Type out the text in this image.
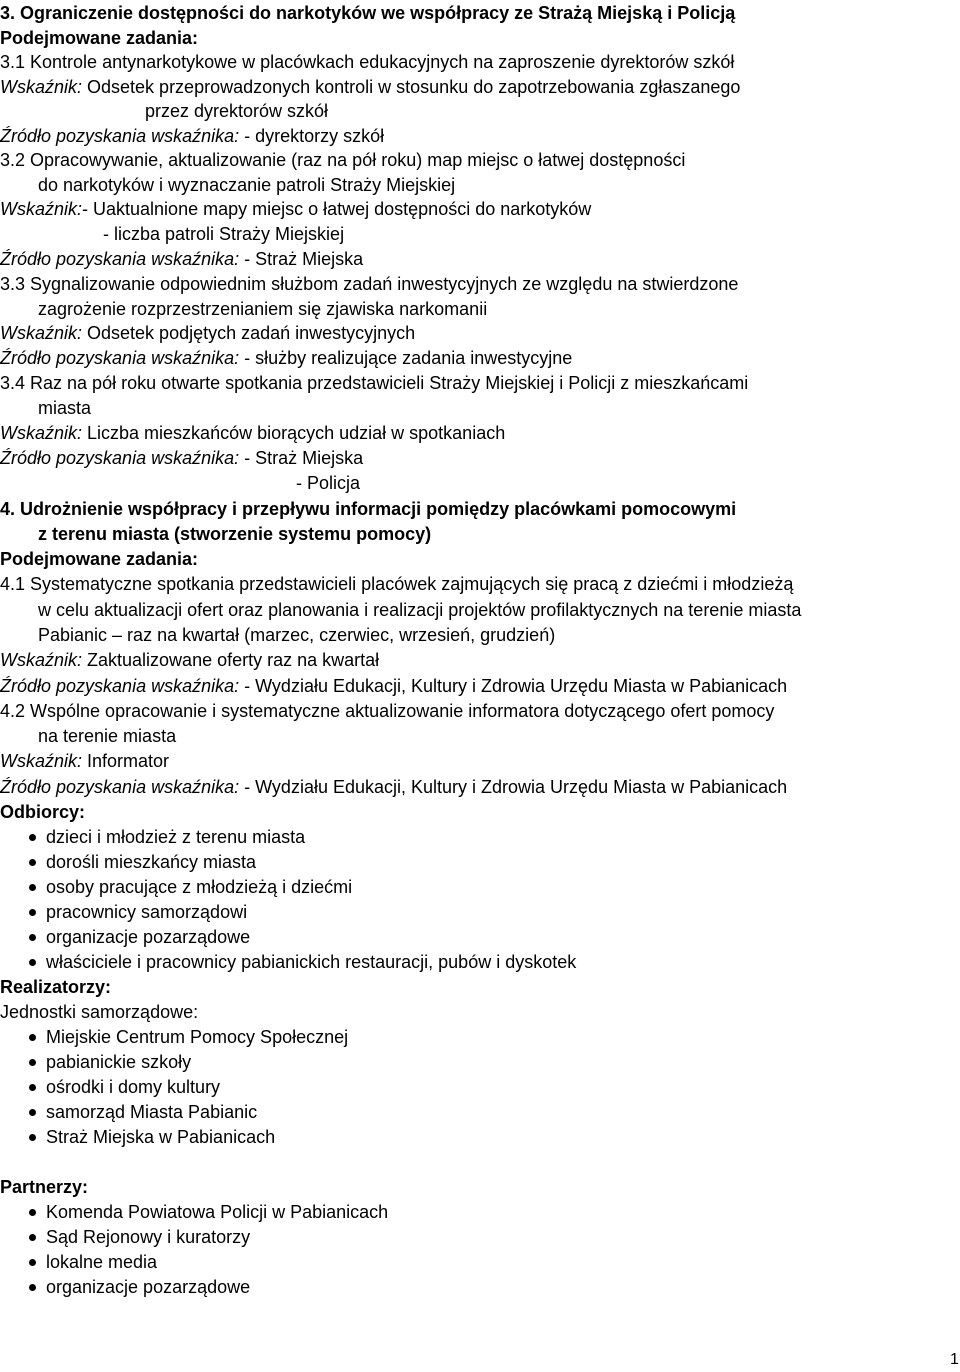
3. Ograniczenie dostępności do narkotyków we współpracy ze Strażą Miejską i Policją
Podejmowane zadania:
3.1 Kontrole antynarkotykowe w placówkach edukacyjnych na zaproszenie dyrektorów szkół
Wskaźnik: Odsetek przeprowadzonych kontroli w stosunku do zapotrzebowania zgłaszanego
przez dyrektorów szkół
Źródło pozyskania wskaźnika: - dyrektorzy szkół
3.2 Opracowywanie, aktualizowanie (raz na pół roku) map miejsc o łatwej dostępności
do narkotyków i wyznaczanie patroli Straży Miejskiej
Wskaźnik:- Uaktualnione mapy miejsc o łatwej dostępności do narkotyków
- liczba patroli Straży Miejskiej
Źródło pozyskania wskaźnika: - Straż Miejska
3.3 Sygnalizowanie odpowiednim służbom zadań inwestycyjnych ze względu na stwierdzone
zagrożenie rozprzestrzenianiem się zjawiska narkomanii
Wskaźnik: Odsetek podjętych zadań inwestycyjnych
Źródło pozyskania wskaźnika: - służby realizujące zadania inwestycyjne
3.4 Raz na pół roku otwarte spotkania przedstawicieli Straży Miejskiej i Policji z mieszkańcami
miasta
Wskaźnik: Liczba mieszkańców biorących udział w spotkaniach
Źródło pozyskania wskaźnika: - Straż Miejska
- Policja
4. Udrożnienie współpracy i przepływu informacji pomiędzy placówkami pomocowymi
z terenu miasta (stworzenie systemu pomocy)
Podejmowane zadania:
4.1 Systematyczne spotkania przedstawicieli placówek zajmujących się pracą z dziećmi i młodzieżą
w celu aktualizacji ofert oraz planowania i realizacji projektów profilaktycznych na terenie miasta
Pabianic – raz na kwartał (marzec, czerwiec, wrzesień, grudzień)
Wskaźnik: Zaktualizowane oferty raz na kwartał
Źródło pozyskania wskaźnika: - Wydziału Edukacji, Kultury i Zdrowia Urzędu Miasta w Pabianicach
4.2 Wspólne opracowanie i systematyczne aktualizowanie informatora dotyczącego ofert pomocy
na terenie miasta
Wskaźnik: Informator
Źródło pozyskania wskaźnika: - Wydziału Edukacji, Kultury i Zdrowia Urzędu Miasta w Pabianicach
Odbiorcy:
dzieci i młodzież z terenu miasta
dorośli mieszkańcy miasta
osoby pracujące z młodzieżą i dziećmi
pracownicy samorządowi
organizacje pozarządowe
właściciele i pracownicy pabianickich restauracji, pubów i dyskotek
Realizatorzy:
Jednostki samorządowe:
Miejskie Centrum Pomocy Społecznej
pabianickie szkoły
ośrodki i domy kultury
samorząd Miasta Pabianic
Straż Miejska w Pabianicach
Partnerzy:
Komenda Powiatowa Policji w Pabianicach
Sąd Rejonowy i kuratorzy
lokalne media
organizacje pozarządowe
1
